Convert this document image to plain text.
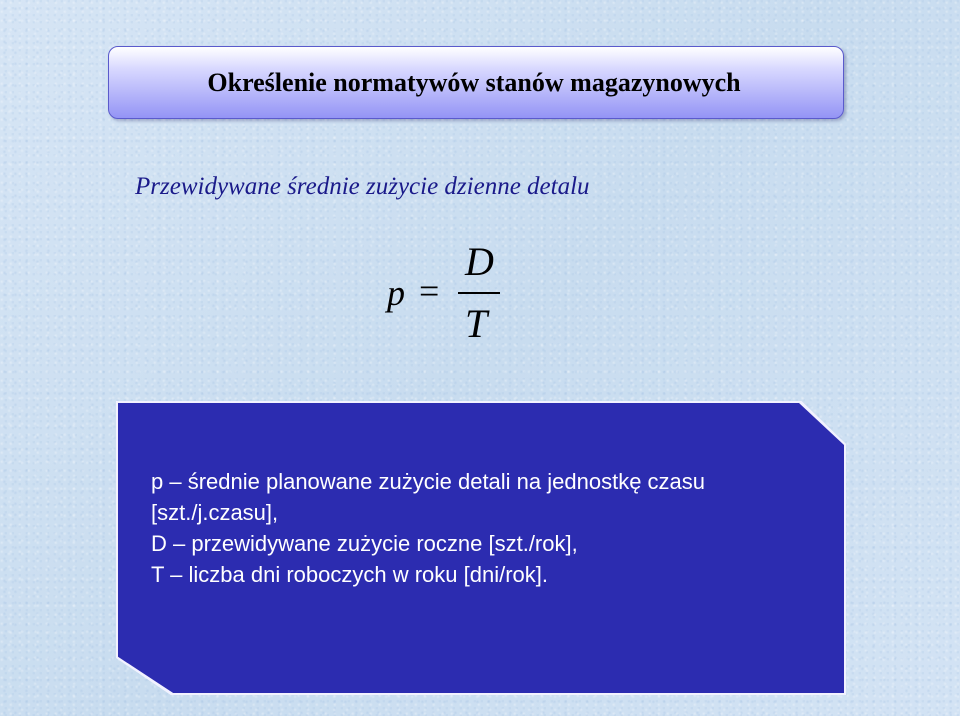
Określenie normatywów stanów magazynowych
Przewidywane średnie zużycie dzienne detalu
p =
D
T
p – średnie planowane zużycie detali na jednostkę czasu
[szt./j.czasu],
D – przewidywane zużycie roczne [szt./rok],
T – liczba dni roboczych w roku [dni/rok].
